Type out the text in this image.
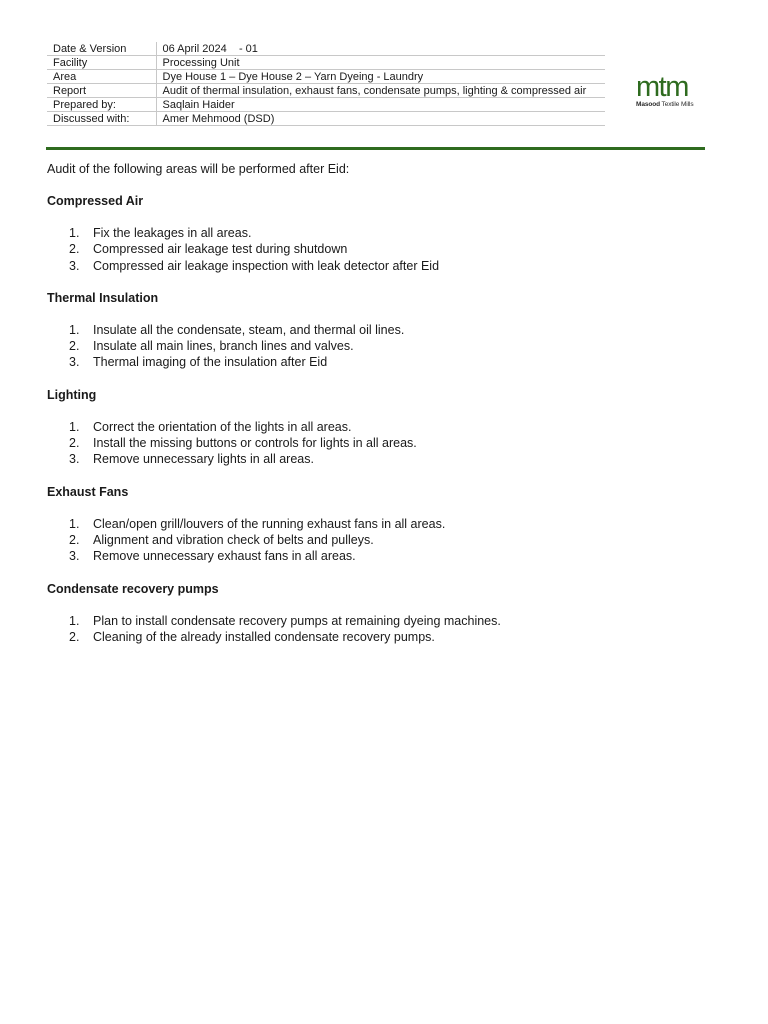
Date & Version	06 April 2024    - 01
Facility	Processing Unit
Area	Dye House 1 – Dye House 2 – Yarn Dyeing - Laundry
Report	Audit of thermal insulation, exhaust fans, condensate pumps, lighting & compressed air
Prepared by:	Saqlain Haider
Discussed with:	Amer Mehmood (DSD)
mtm
Masood Textile Mills

Audit of the following areas will be performed after Eid:

Compressed Air
1.	Fix the leakages in all areas.
2.	Compressed air leakage test during shutdown
3.	Compressed air leakage inspection with leak detector after Eid
Thermal Insulation
1.	Insulate all the condensate, steam, and thermal oil lines.
2.	Insulate all main lines, branch lines and valves.
3.	Thermal imaging of the insulation after Eid
Lighting
1.	Correct the orientation of the lights in all areas.
2.	Install the missing buttons or controls for lights in all areas.
3.	Remove unnecessary lights in all areas.
Exhaust Fans
1.	Clean/open grill/louvers of the running exhaust fans in all areas.
2.	Alignment and vibration check of belts and pulleys.
3.	Remove unnecessary exhaust fans in all areas.
Condensate recovery pumps
1.	Plan to install condensate recovery pumps at remaining dyeing machines.
2.	Cleaning of the already installed condensate recovery pumps.
